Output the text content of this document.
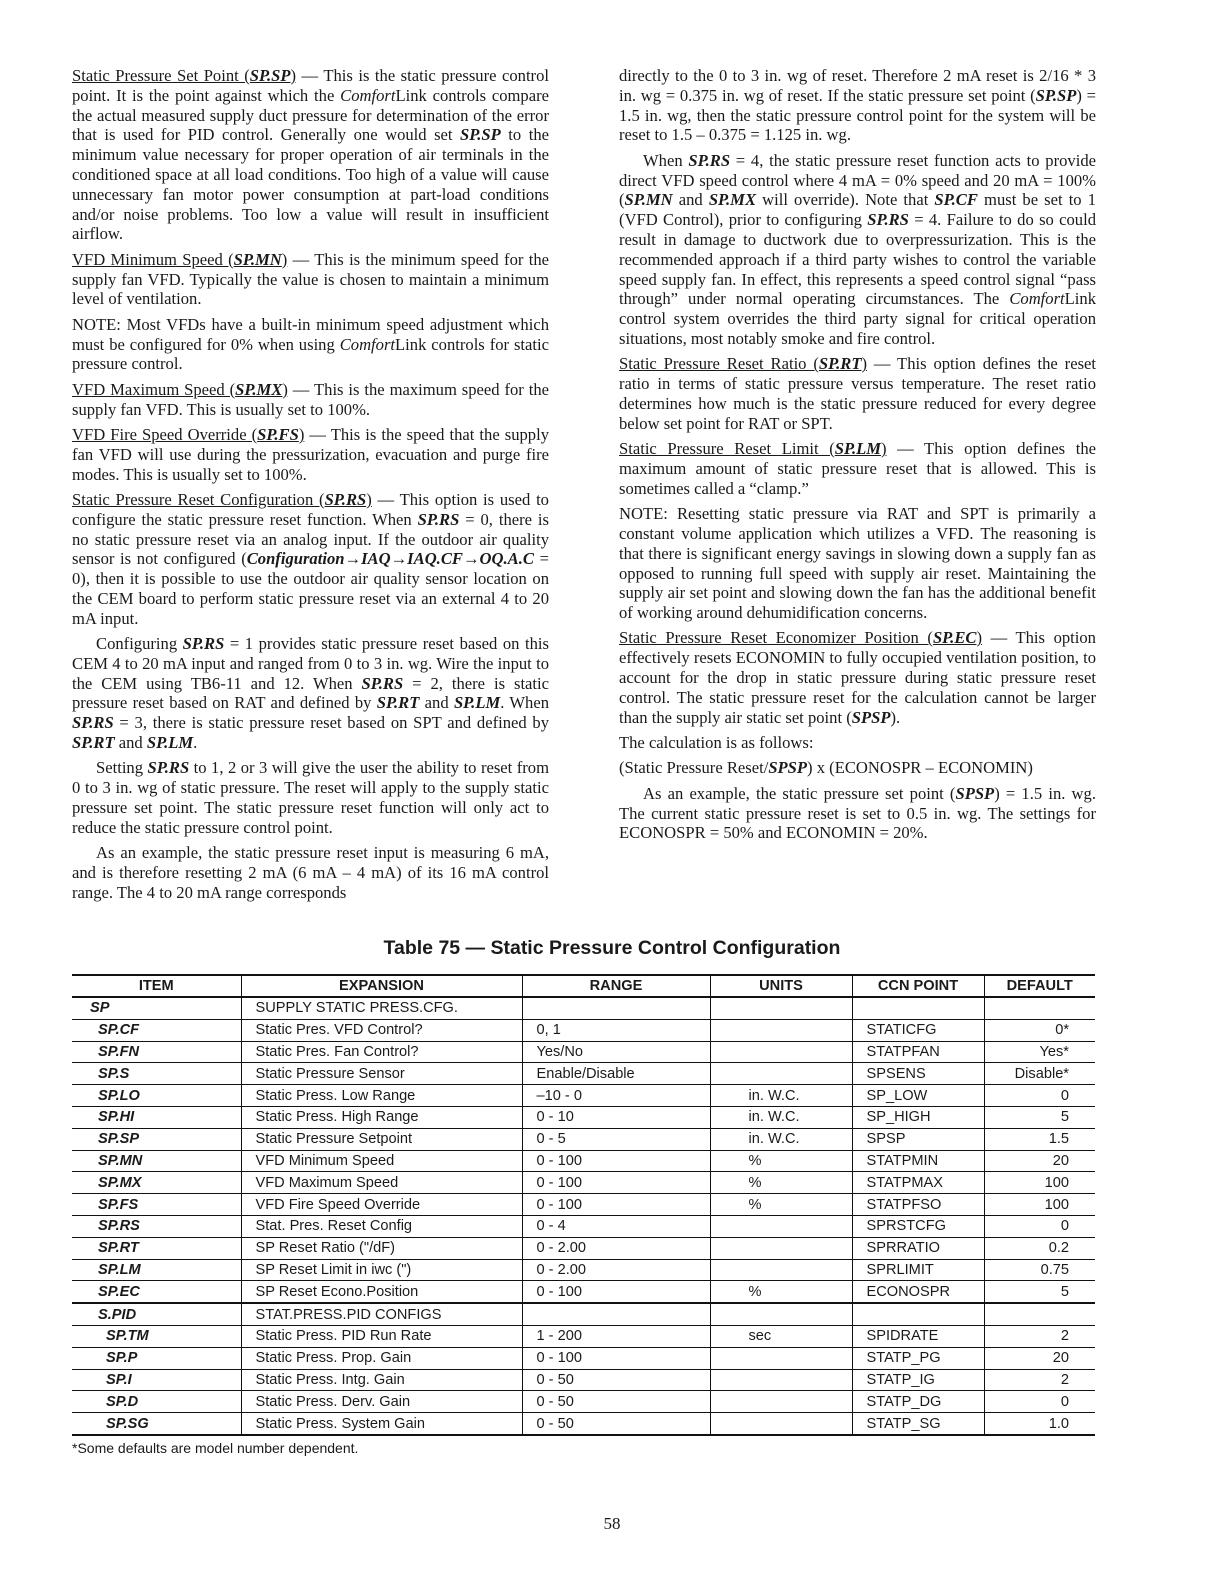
Static Pressure Set Point (SP.SP) — This is the static pressure control point. It is the point against which the ComfortLink controls compare the actual measured supply duct pressure for determination of the error that is used for PID control. Generally one would set SP.SP to the minimum value necessary for proper operation of air terminals in the conditioned space at all load conditions. Too high of a value will cause unnecessary fan motor power consumption at part-load conditions and/or noise problems. Too low a value will result in insufficient airflow.

VFD Minimum Speed (SP.MN) — This is the minimum speed for the supply fan VFD. Typically the value is chosen to maintain a minimum level of ventilation.

NOTE: Most VFDs have a built-in minimum speed adjustment which must be configured for 0% when using ComfortLink controls for static pressure control.

VFD Maximum Speed (SP.MX) — This is the maximum speed for the supply fan VFD. This is usually set to 100%.

VFD Fire Speed Override (SP.FS) — This is the speed that the supply fan VFD will use during the pressurization, evacuation and purge fire modes. This is usually set to 100%.

Static Pressure Reset Configuration (SP.RS) — This option is used to configure the static pressure reset function. When SP.RS = 0, there is no static pressure reset via an analog input. If the outdoor air quality sensor is not configured (Configuration→IAQ→IAQ.CF→OQ.A.C = 0), then it is possible to use the outdoor air quality sensor location on the CEM board to perform static pressure reset via an external 4 to 20 mA input.

Configuring SP.RS = 1 provides static pressure reset based on this CEM 4 to 20 mA input and ranged from 0 to 3 in. wg. Wire the input to the CEM using TB6-11 and 12. When SP.RS = 2, there is static pressure reset based on RAT and defined by SP.RT and SP.LM. When SP.RS = 3, there is static pressure reset based on SPT and defined by SP.RT and SP.LM.

Setting SP.RS to 1, 2 or 3 will give the user the ability to reset from 0 to 3 in. wg of static pressure. The reset will apply to the supply static pressure set point. The static pressure reset function will only act to reduce the static pressure control point.

As an example, the static pressure reset input is measuring 6 mA, and is therefore resetting 2 mA (6 mA – 4 mA) of its 16 mA control range. The 4 to 20 mA range corresponds

directly to the 0 to 3 in. wg of reset. Therefore 2 mA reset is 2/16 * 3 in. wg = 0.375 in. wg of reset. If the static pressure set point (SP.SP) = 1.5 in. wg, then the static pressure control point for the system will be reset to 1.5 – 0.375 = 1.125 in. wg.

When SP.RS = 4, the static pressure reset function acts to provide direct VFD speed control where 4 mA = 0% speed and 20 mA = 100% (SP.MN and SP.MX will override). Note that SP.CF must be set to 1 (VFD Control), prior to configuring SP.RS = 4. Failure to do so could result in damage to ductwork due to overpressurization. This is the recommended approach if a third party wishes to control the variable speed supply fan. In effect, this represents a speed control signal “pass through” under normal operating circumstances. The ComfortLink control system overrides the third party signal for critical operation situations, most notably smoke and fire control.

Static Pressure Reset Ratio (SP.RT) — This option defines the reset ratio in terms of static pressure versus temperature. The reset ratio determines how much is the static pressure reduced for every degree below set point for RAT or SPT.

Static Pressure Reset Limit (SP.LM) — This option defines the maximum amount of static pressure reset that is allowed. This is sometimes called a “clamp.”

NOTE: Resetting static pressure via RAT and SPT is primarily a constant volume application which utilizes a VFD. The reasoning is that there is significant energy savings in slowing down a supply fan as opposed to running full speed with supply air reset. Maintaining the supply air set point and slowing down the fan has the additional benefit of working around dehumidification concerns.

Static Pressure Reset Economizer Position (SP.EC) — This option effectively resets ECONOMIN to fully occupied ventilation position, to account for the drop in static pressure during static pressure reset control. The static pressure reset for the calculation cannot be larger than the supply air static set point (SPSP).

The calculation is as follows:

(Static Pressure Reset/SPSP) x (ECONOSPR – ECONOMIN)

As an example, the static pressure set point (SPSP) = 1.5 in. wg. The current static pressure reset is set to 0.5 in. wg. The settings for ECONOSPR = 50% and ECONOMIN = 20%.

Table 75 — Static Pressure Control Configuration
ITEM	EXPANSION	RANGE	UNITS	CCN POINT	DEFAULT
SP	SUPPLY STATIC PRESS.CFG.				
SP.CF	Static Pres. VFD Control?	0, 1		STATICFG	0*
SP.FN	Static Pres. Fan Control?	Yes/No		STATPFAN	Yes*
SP.S	Static Pressure Sensor	Enable/Disable		SPSENS	Disable*
SP.LO	Static Press. Low Range	–10 - 0	in. W.C.	SP_LOW	0
SP.HI	Static Press. High Range	0 - 10	in. W.C.	SP_HIGH	5
SP.SP	Static Pressure Setpoint	0 - 5	in. W.C.	SPSP	1.5
SP.MN	VFD Minimum Speed	0 - 100	%	STATPMIN	20
SP.MX	VFD Maximum Speed	0 - 100	%	STATPMAX	100
SP.FS	VFD Fire Speed Override	0 - 100	%	STATPFSO	100
SP.RS	Stat. Pres. Reset Config	0 - 4		SPRSTCFG	0
SP.RT	SP Reset Ratio ("/dF)	0 - 2.00		SPRRATIO	0.2
SP.LM	SP Reset Limit in iwc (")	0 - 2.00		SPRLIMIT	0.75
SP.EC	SP Reset Econo.Position	0 - 100	%	ECONOSPR	5
S.PID	STAT.PRESS.PID CONFIGS				
SP.TM	Static Press. PID Run Rate	1 - 200	sec	SPIDRATE	2
SP.P	Static Press. Prop. Gain	0 - 100		STATP_PG	20
SP.I	Static Press. Intg. Gain	0 - 50		STATP_IG	2
SP.D	Static Press. Derv. Gain	0 - 50		STATP_DG	0
SP.SG	Static Press. System Gain	0 - 50		STATP_SG	1.0
*Some defaults are model number dependent.
58
